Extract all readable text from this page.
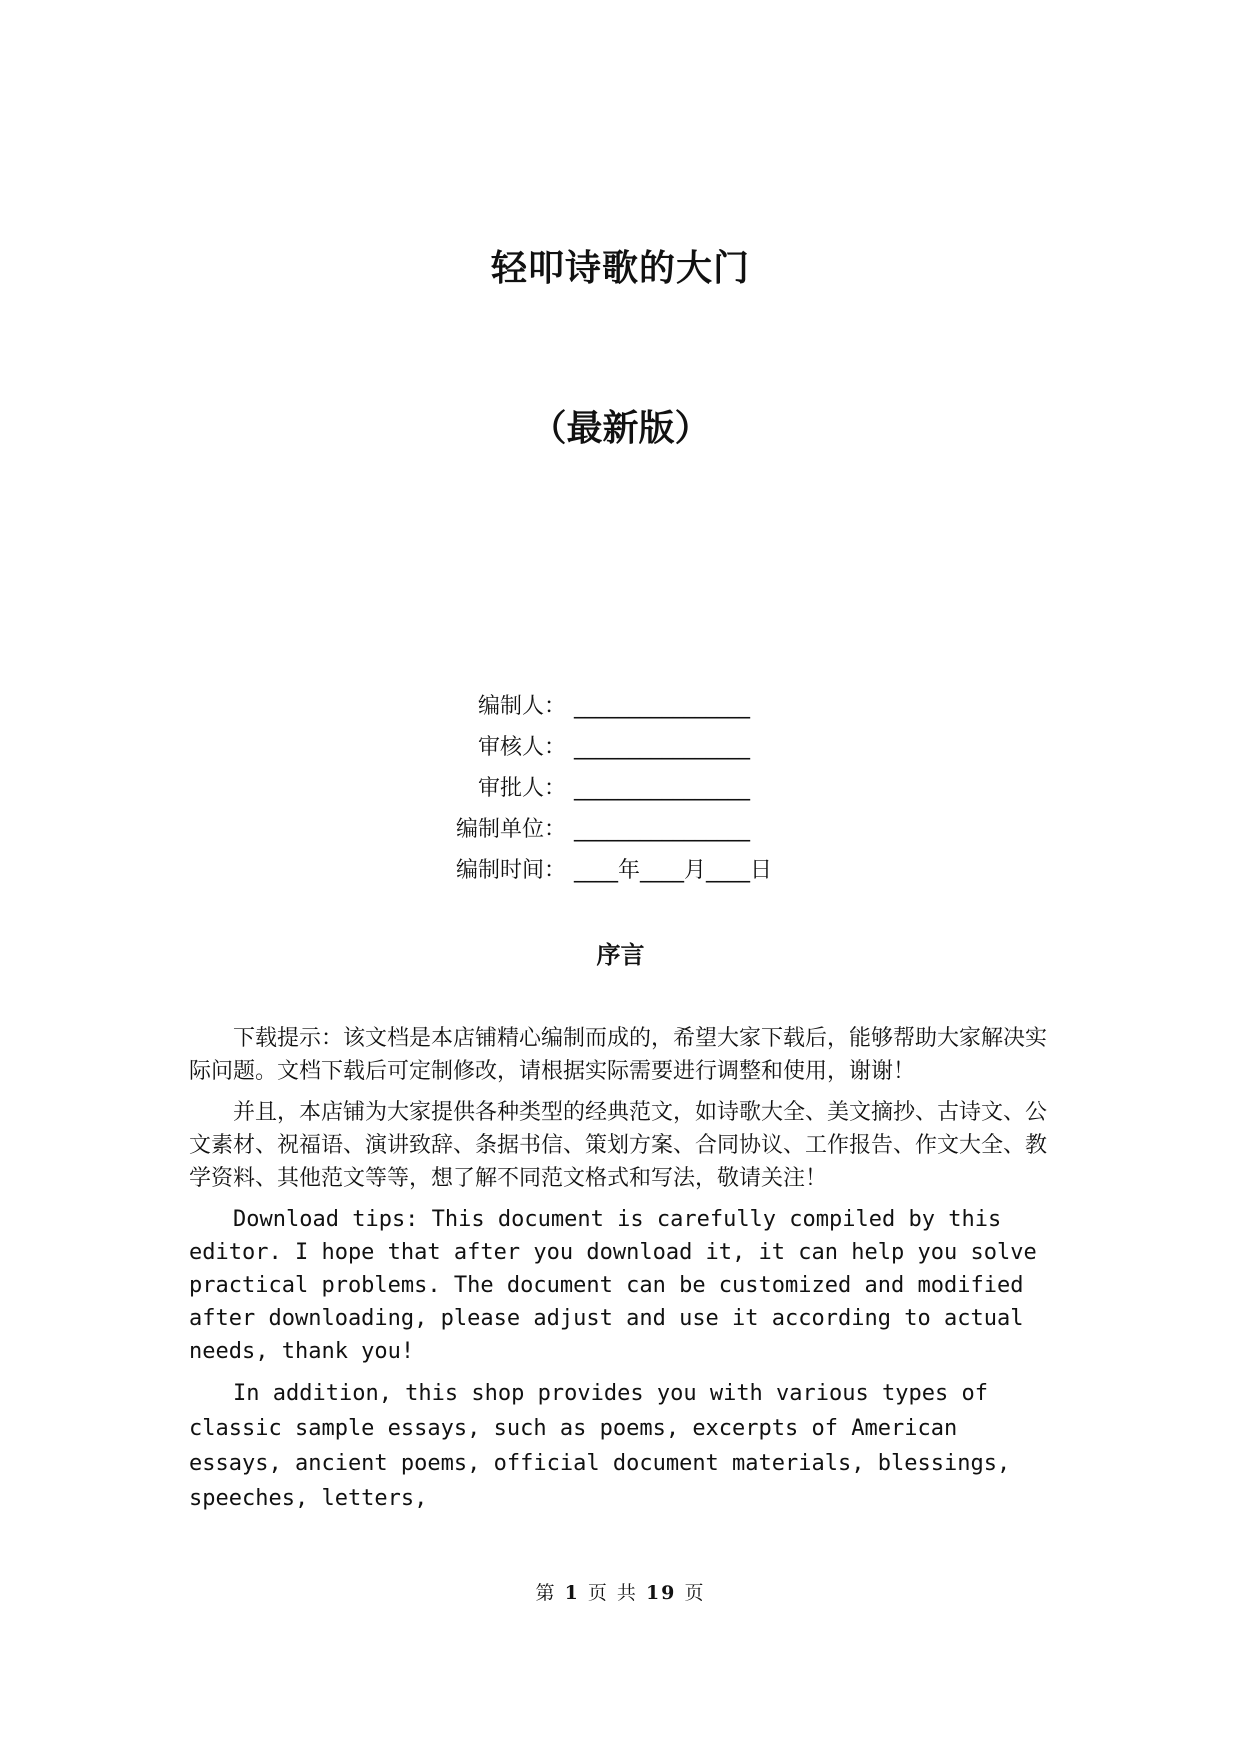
轻叩诗歌的大门
（最新版）
编制人： ________________
审核人： ________________
审批人： ________________
编制单位： ________________
编制时间： ____年____月____日
序言

下载提示：该文档是本店铺精心编制而成的，希望大家下载后，能够帮助大家解决实际问题。文档下载后可定制修改，请根据实际需要进行调整和使用，谢谢！

并且，本店铺为大家提供各种类型的经典范文，如诗歌大全、美文摘抄、古诗文、公文素材、祝福语、演讲致辞、条据书信、策划方案、合同协议、工作报告、作文大全、教学资料、其他范文等等，想了解不同范文格式和写法，敬请关注！

Download tips: This document is carefully compiled by this editor. I hope that after you download it, it can help you solve practical problems. The document can be customized and modified after downloading, please adjust and use it according to actual needs, thank you!

In addition, this shop provides you with various types of classic sample essays, such as poems, excerpts of American essays, ancient poems, official document materials, blessings, speeches, letters,

第 1 页 共 19 页
